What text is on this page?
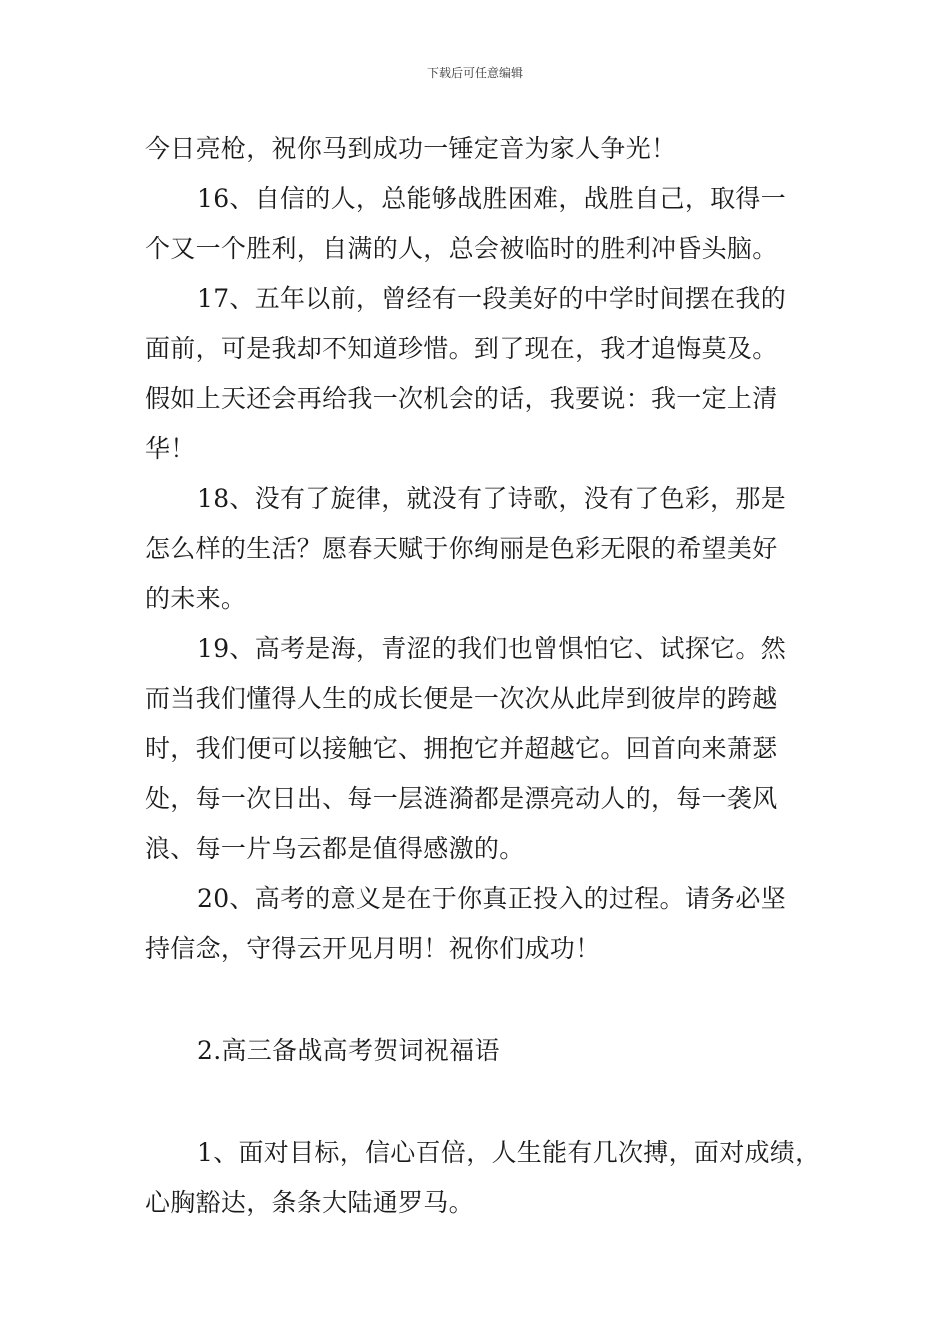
下载后可任意编辑
今日亮枪，祝你马到成功一锤定音为家人争光！
16、自信的人，总能够战胜困难，战胜自己，取得一
个又一个胜利，自满的人，总会被临时的胜利冲昏头脑。
17、五年以前，曾经有一段美好的中学时间摆在我的
面前，可是我却不知道珍惜。到了现在，我才追悔莫及。
假如上天还会再给我一次机会的话，我要说：我一定上清
华！
18、没有了旋律，就没有了诗歌，没有了色彩，那是
怎么样的生活？愿春天赋于你绚丽是色彩无限的希望美好
的未来。
19、高考是海，青涩的我们也曾惧怕它、试探它。然
而当我们懂得人生的成长便是一次次从此岸到彼岸的跨越
时，我们便可以接触它、拥抱它并超越它。回首向来萧瑟
处，每一次日出、每一层涟漪都是漂亮动人的，每一袭风
浪、每一片乌云都是值得感激的。
20、高考的意义是在于你真正投入的过程。请务必坚
持信念，守得云开见月明！祝你们成功！
2.高三备战高考贺词祝福语
1、面对目标，信心百倍，人生能有几次搏，面对成绩，
心胸豁达，条条大陆通罗马。
